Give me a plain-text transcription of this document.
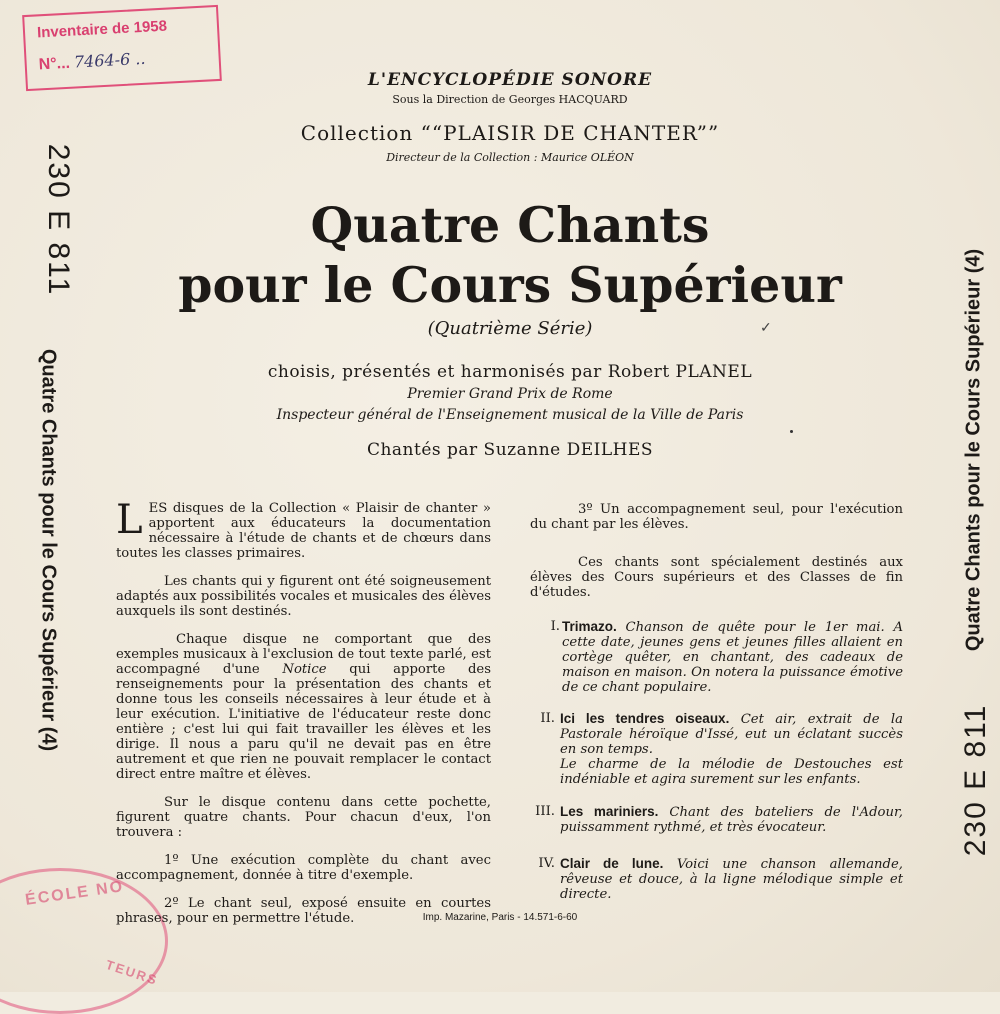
Inventaire de 1958
N°... 7464-6 ..
ÉCOLE NO
TEURS
230 E 811
Quatre Chants pour le Cours Supérieur (4)	Quatre Chants pour le Cours Supérieur (4)
230 E 811
L'ENCYCLOPÉDIE SONORE
Sous la Direction de Georges HACQUARD
Collection ““PLAISIR DE CHANTER””
Directeur de la Collection : Maurice OLÉON
Quatre Chants
pour le Cours Supérieur
(Quatrième Série)	✓
choisis, présentés et harmonisés par Robert PLANEL
Premier Grand Prix de Rome
Inspecteur général de l'Enseignement musical de la Ville de Paris
Chantés par Suzanne DEILHES
LES disques de la Collection « Plaisir de chanter » apportent aux éducateurs la documentation nécessaire à l'étude de chants et de chœurs dans toutes les classes primaires.
Les chants qui y figurent ont été soigneusement adaptés aux possibilités vocales et musicales des élèves auxquels ils sont destinés.
Chaque disque ne comportant que des exemples musicaux à l'exclusion de tout texte parlé, est accompagné d'une Notice qui apporte des renseignements pour la présentation des chants et donne tous les conseils nécessaires à leur étude et à leur exécution. L'initiative de l'éducateur reste donc entière ; c'est lui qui fait travailler les élèves et les dirige. Il nous a paru qu'il ne devait pas en être autrement et que rien ne pouvait remplacer le contact direct entre maître et élèves.
Sur le disque contenu dans cette pochette, figurent quatre chants. Pour chacun d'eux, l'on trouvera :
1º Une exécution complète du chant avec accompagnement, donnée à titre d'exemple.
2º Le chant seul, exposé ensuite en courtes phrases, pour en permettre l'étude.
3º Un accompagnement seul, pour l'exécution du chant par les élèves.
Ces chants sont spécialement destinés aux élèves des Cours supérieurs et des Classes de fin d'études.
I. Trimazo. Chanson de quête pour le 1er mai. A cette date, jeunes gens et jeunes filles allaient en cortège quêter, en chantant, des cadeaux de maison en maison. On notera la puissance émotive de ce chant populaire.
II. Ici les tendres oiseaux. Cet air, extrait de la Pastorale héroïque d'Issé, eut un éclatant succès en son temps.
Le charme de la mélodie de Destouches est indéniable et agira surement sur les enfants.
III. Les mariniers. Chant des bateliers de l'Adour, puissamment rythmé, et très évocateur.
IV. Clair de lune. Voici une chanson allemande, rêveuse et douce, à la ligne mélodique simple et directe.
Imp. Mazarine, Paris - 14.571-6-60
